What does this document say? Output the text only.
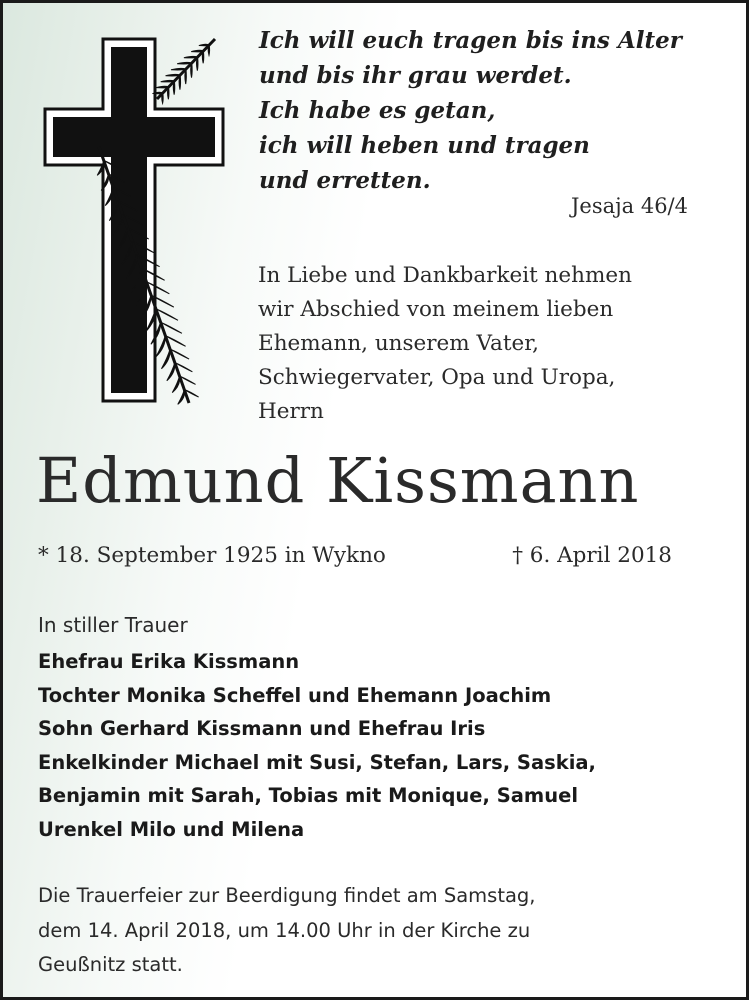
Ich will euch tragen bis ins Alter
und bis ihr grau werdet.
Ich habe es getan,
ich will heben und tragen
und erretten.
Jesaja 46/4
In Liebe und Dankbarkeit nehmen
wir Abschied von meinem lieben
Ehemann, unserem Vater,
Schwiegervater, Opa und Uropa,
Herrn
Edmund Kissmann
* 18. September 1925 in Wykno	† 6. April 2018
In stiller Trauer
Ehefrau Erika Kissmann
Tochter Monika Scheffel und Ehemann Joachim
Sohn Gerhard Kissmann und Ehefrau Iris
Enkelkinder Michael mit Susi, Stefan, Lars, Saskia,
Benjamin mit Sarah, Tobias mit Monique, Samuel
Urenkel Milo und Milena
Die Trauerfeier zur Beerdigung findet am Samstag,
dem 14. April 2018, um 14.00 Uhr in der Kirche zu
Geußnitz statt.
